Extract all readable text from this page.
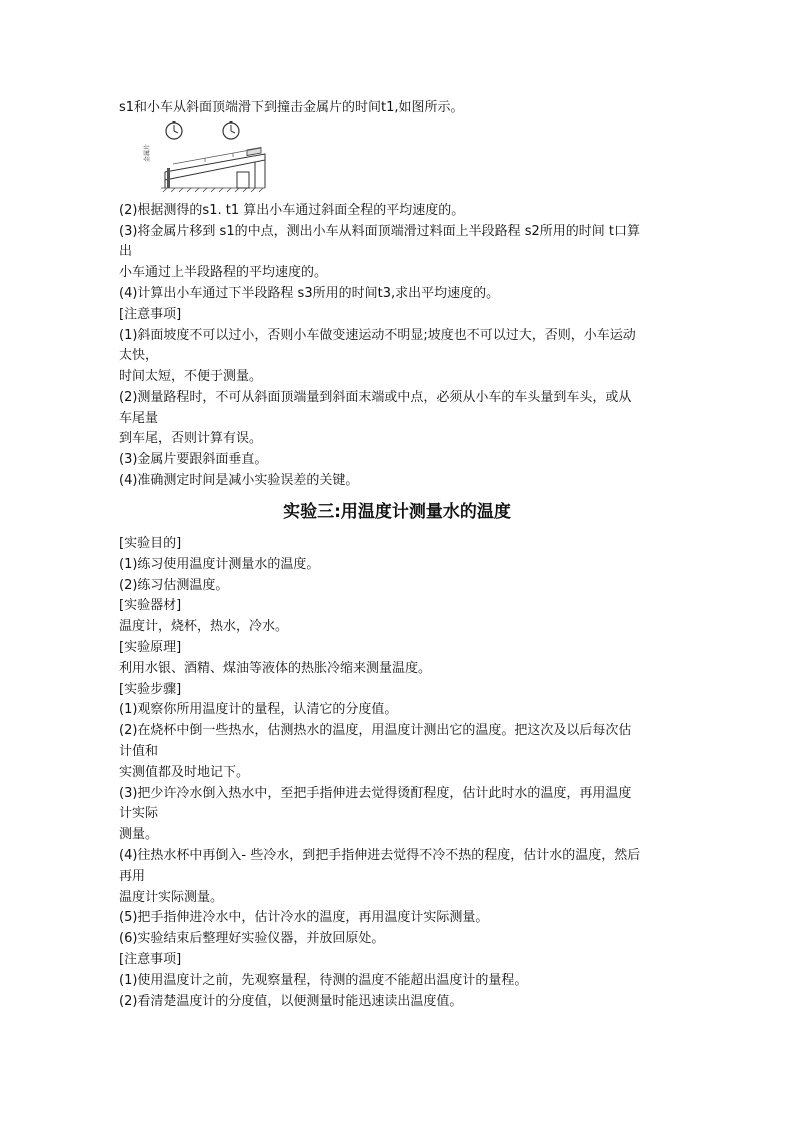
s1和小车从斜面顶端滑下到撞击金属片的时间t1,如图所示。
金属片
(2)根据测得的s1. t1 算出小车通过斜面全程的平均速度的。
(3)将金属片移到 s1的中点，测出小车从料面顶端滑过料面上半段路程 s2所用的时间 t口算
出
小车通过上半段路程的平均速度的。
(4)计算出小车通过下半段路程 s3所用的时间t3,求出平均速度的。
[注意事项]
(1)斜面坡度不可以过小，否则小车做变速运动不明显;坡度也不可以过大，否则，小车运动
太快，
时间太短，不便于测量。
(2)测量路程时，不可从斜面顶端量到斜面末端或中点，必须从小车的车头量到车头，或从
车尾量
到车尾，否则计算有误。
(3)金属片要跟斜面垂直。
(4)准确测定时间是减小实验误差的关键。
实验三:用温度计测量水的温度
[实验目的]
(1)练习使用温度计测量水的温度。
(2)练习估测温度。
[实验器材]
温度计，烧杯，热水，冷水。
[实验原理]
利用水银、酒精、煤油等液体的热胀冷缩来测量温度。
[实验步骤]
(1)观察你所用温度计的量程，认清它的分度值。
(2)在烧杯中倒一些热水，估测热水的温度，用温度计测出它的温度。把这次及以后每次估
计值和
实测值都及时地记下。
(3)把少许冷水倒入热水中，至把手指伸进去觉得烫酊程度，估计此时水的温度，再用温度
计实际
测量。
(4)往热水杯中再倒入- 些冷水，到把手指伸进去觉得不冷不热的程度，估计水的温度，然后
再用
温度计实际测量。
(5)把手指伸进冷水中，估计冷水的温度，再用温度计实际测量。
(6)实验结束后整理好实验仪器，并放回原处。
[注意事项]
(1)使用温度计之前，先观察量程，待测的温度不能超出温度计的量程。
(2)看清楚温度计的分度值，以便测量时能迅速读出温度值。
